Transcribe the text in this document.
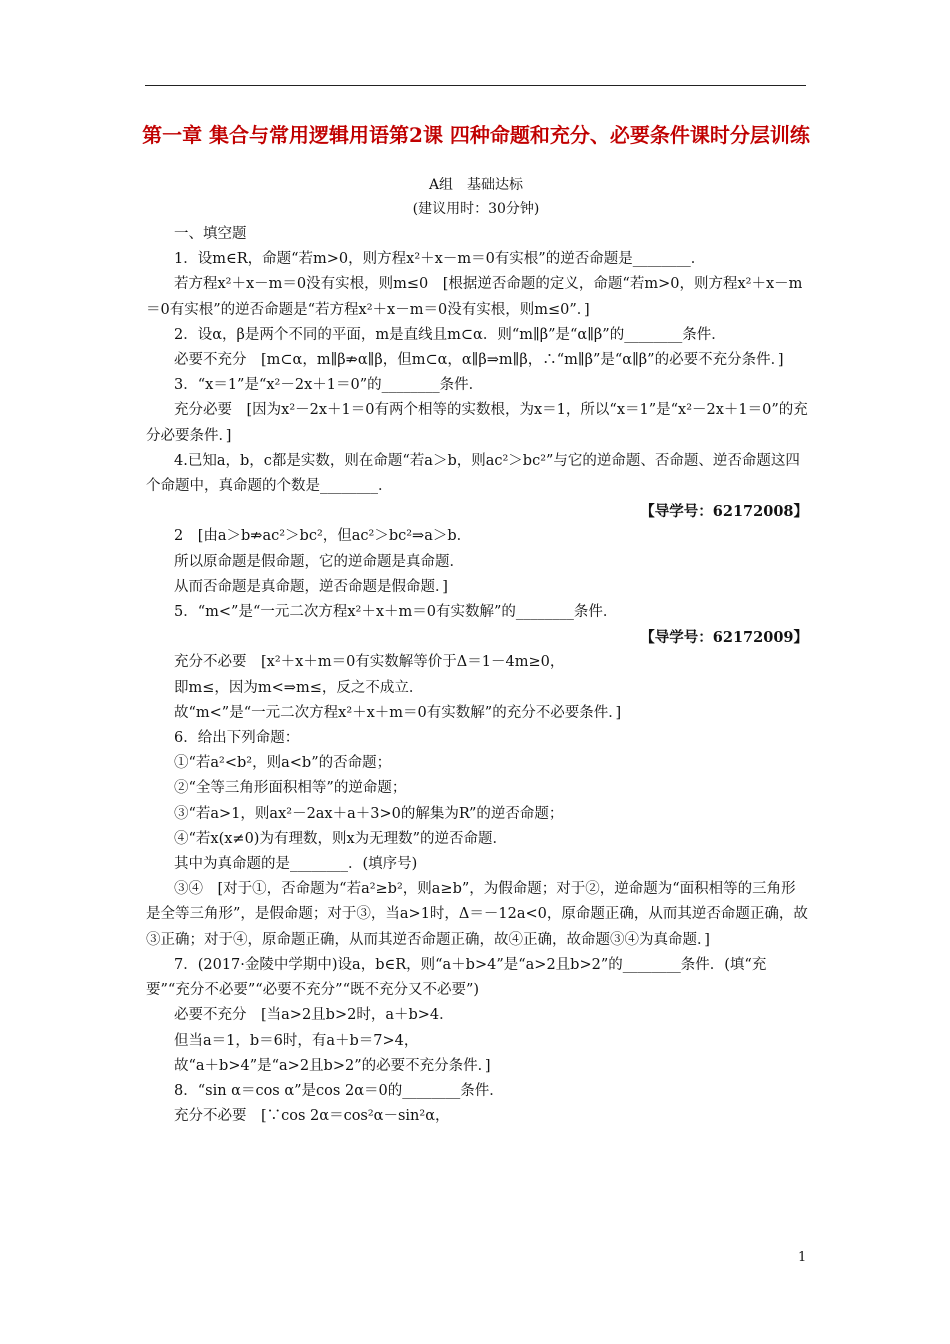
第一章 集合与常用逻辑用语第2课 四种命题和充分、必要条件课时分层训练
A组　基础达标
(建议用时：30分钟)

一、填空题

1．设m∈R，命题“若m>0，则方程x²＋x－m＝0有实根”的逆否命题是________．

若方程x²＋x－m＝0没有实根，则m≤0　[根据逆否命题的定义，命题“若m>0，则方程x²＋x－m＝0有实根”的逆否命题是“若方程x²＋x－m＝0没有实根，则m≤0”．]

2．设α，β是两个不同的平面，m是直线且m⊂α．则“m∥β”是“α∥β”的________条件．

必要不充分　[m⊂α，m∥β⇏α∥β，但m⊂α，α∥β⇒m∥β，∴“m∥β”是“α∥β”的必要不充分条件．]

3．“x＝1”是“x²－2x＋1＝0”的________条件．

充分必要　[因为x²－2x＋1＝0有两个相等的实数根，为x＝1，所以“x＝1”是“x²－2x＋1＝0”的充分必要条件．]

4.已知a，b，c都是实数，则在命题“若a＞b，则ac²＞bc²”与它的逆命题、否命题、逆否命题这四个命题中，真命题的个数是________．

【导学号：62172008】

2　[由a＞b⇏ac²＞bc²，但ac²＞bc²⇒a＞b．

所以原命题是假命题，它的逆命题是真命题．

从而否命题是真命题，逆否命题是假命题．]

5．“m<”是“一元二次方程x²＋x＋m＝0有实数解”的________条件．

【导学号：62172009】

充分不必要　[x²＋x＋m＝0有实数解等价于Δ＝1－4m≥0，

即m≤，因为m<⇒m≤，反之不成立．

故“m<”是“一元二次方程x²＋x＋m＝0有实数解”的充分不必要条件．]

6．给出下列命题：

①“若a²<b²，则a<b”的否命题；

②“全等三角形面积相等”的逆命题；

③“若a>1，则ax²－2ax＋a＋3>0的解集为R”的逆否命题；

④“若x(x≠0)为有理数，则x为无理数”的逆否命题．

其中为真命题的是________．(填序号)

③④　[对于①，否命题为“若a²≥b²，则a≥b”，为假命题；对于②，逆命题为“面积相等的三角形是全等三角形”，是假命题；对于③，当a>1时，Δ＝－12a<0，原命题正确，从而其逆否命题正确，故③正确；对于④，原命题正确，从而其逆否命题正确，故④正确，故命题③④为真命题．]

7．(2017·金陵中学期中)设a，b∈R，则“a＋b>4”是“a>2且b>2”的________条件．(填“充要”“充分不必要”“必要不充分”“既不充分又不必要”)

必要不充分　[当a>2且b>2时，a＋b>4．

但当a＝1，b＝6时，有a＋b＝7>4，

故“a＋b>4”是“a>2且b>2”的必要不充分条件．]

8．“sin α＝cos α”是cos 2α＝0的________条件．

充分不必要　[∵cos 2α＝cos²α－sin²α，

1
